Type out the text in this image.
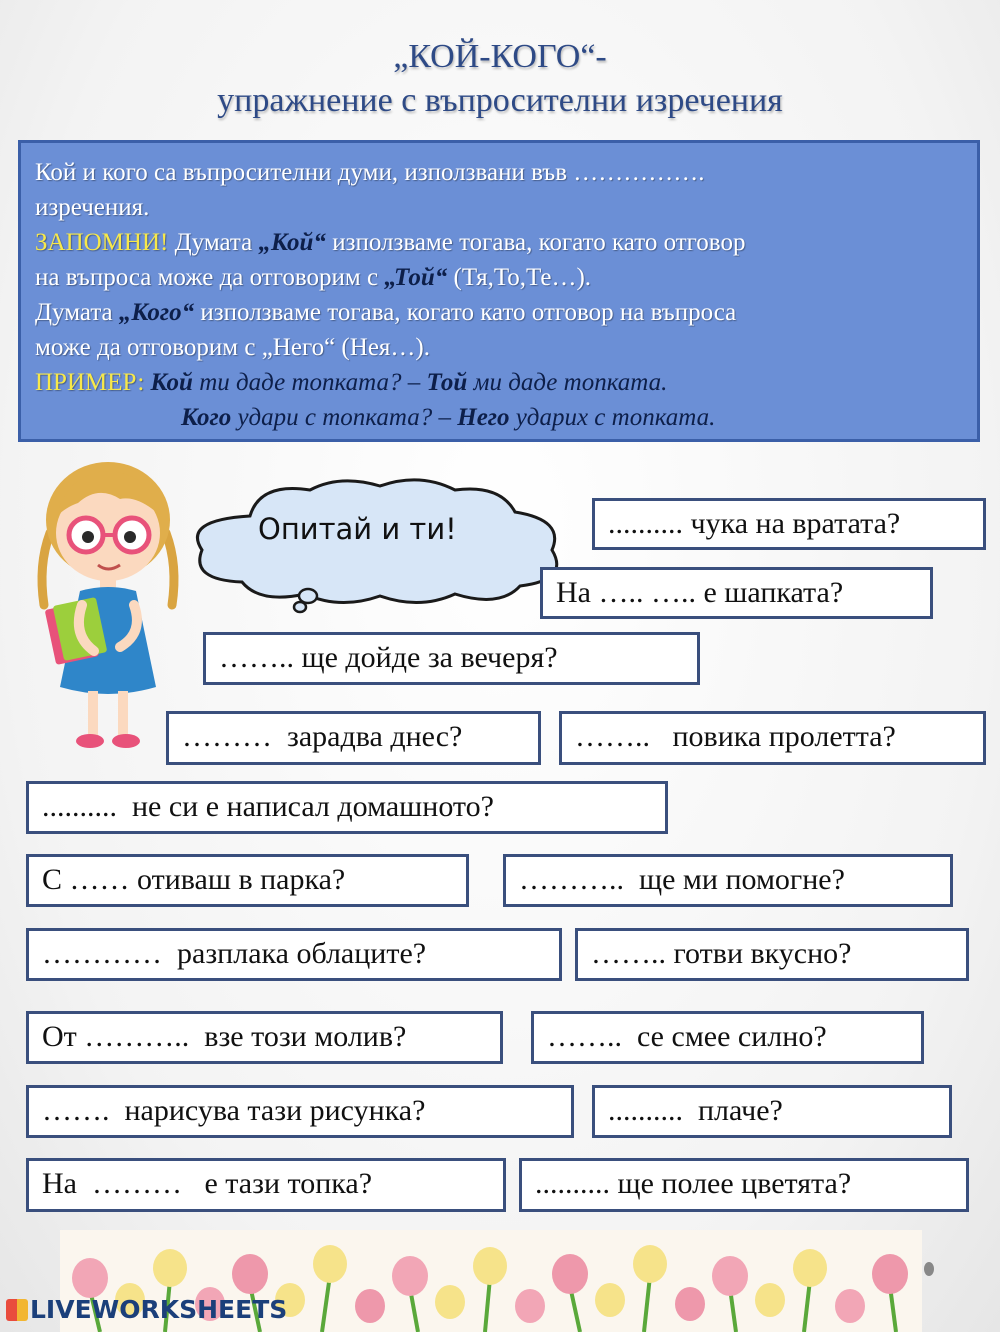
„КОЙ-КОГО“-
упражнение с въпросителни изречения
Кой и кого са въпросителни думи, използвани във …………….
изречения.
ЗАПОМНИ! Думата „Кой“ използваме тогава, когато като отговор
на въпроса може да отговорим с „Той“ (Тя,То,Те…).
Думата „Кого“ използваме тогава, когато като отговор на въпроса
може да отговорим с „Него“ (Нея…).
ПРИМЕР: Кой ти даде топката? – Той ми даде топката.
Кого удари с топката? – Него ударих с топката.
Опитай и ти!	.......... чука на вратата?
На ….. ….. е шапката?
…….. ще дойде за вечеря?
………  зарадва днес?	……..   повика пролетта?
..........  не си е написал домашното?
С …… отиваш в парка?	………..  ще ми помогне?
…………  разплака облаците?	…….. готви вкусно?
От ………..  взе този молив?	……..  се смее силно?
…….  нарисува тази рисунка?	..........  плаче?
На  ………   е тази топка?	.......... ще полее цветята?
LIVEWORKSHEETS
